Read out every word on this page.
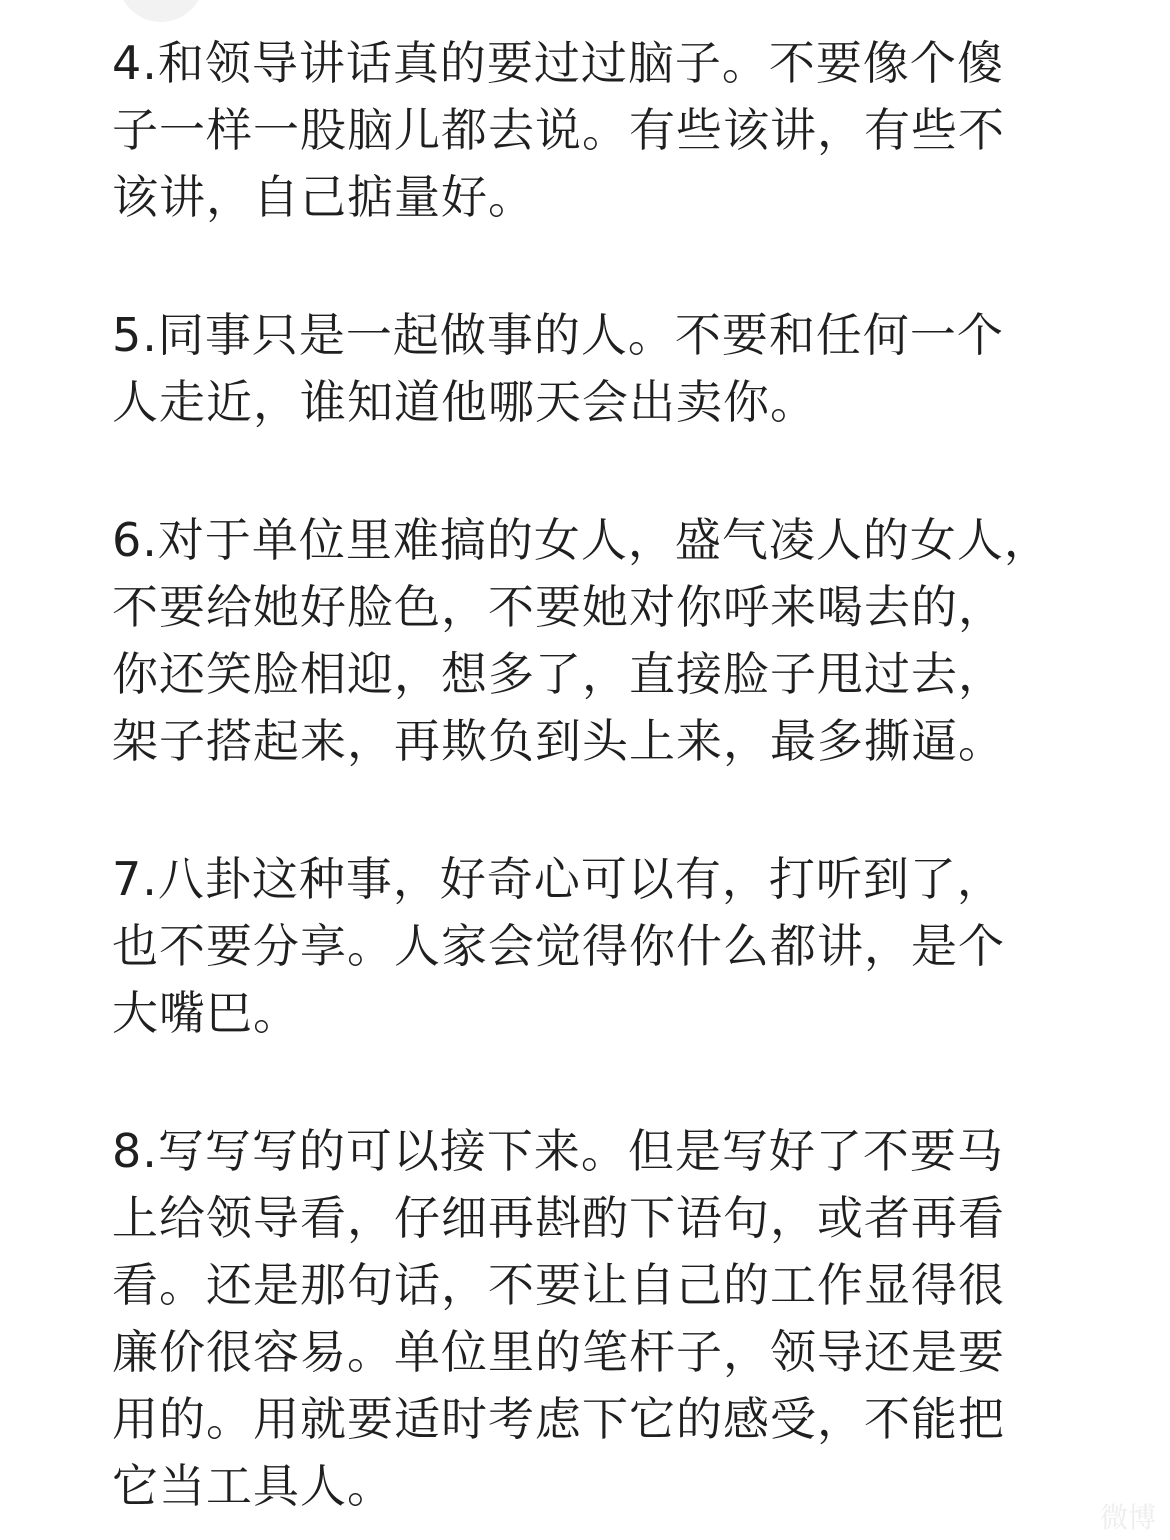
4.和领导讲话真的要过过脑子。不要像个傻
子一样一股脑儿都去说。有些该讲，有些不
该讲，自己掂量好。
5.同事只是一起做事的人。不要和任何一个
人走近，谁知道他哪天会出卖你。
6.对于单位里难搞的女人，盛气凌人的女人，
不要给她好脸色，不要她对你呼来喝去的，
你还笑脸相迎，想多了，直接脸子甩过去，
架子搭起来，再欺负到头上来，最多撕逼。
7.八卦这种事，好奇心可以有，打听到了，
也不要分享。人家会觉得你什么都讲，是个
大嘴巴。
8.写写写的可以接下来。但是写好了不要马
上给领导看，仔细再斟酌下语句，或者再看
看。还是那句话，不要让自己的工作显得很
廉价很容易。单位里的笔杆子，领导还是要
用的。用就要适时考虑下它的感受，不能把
它当工具人。
微博
